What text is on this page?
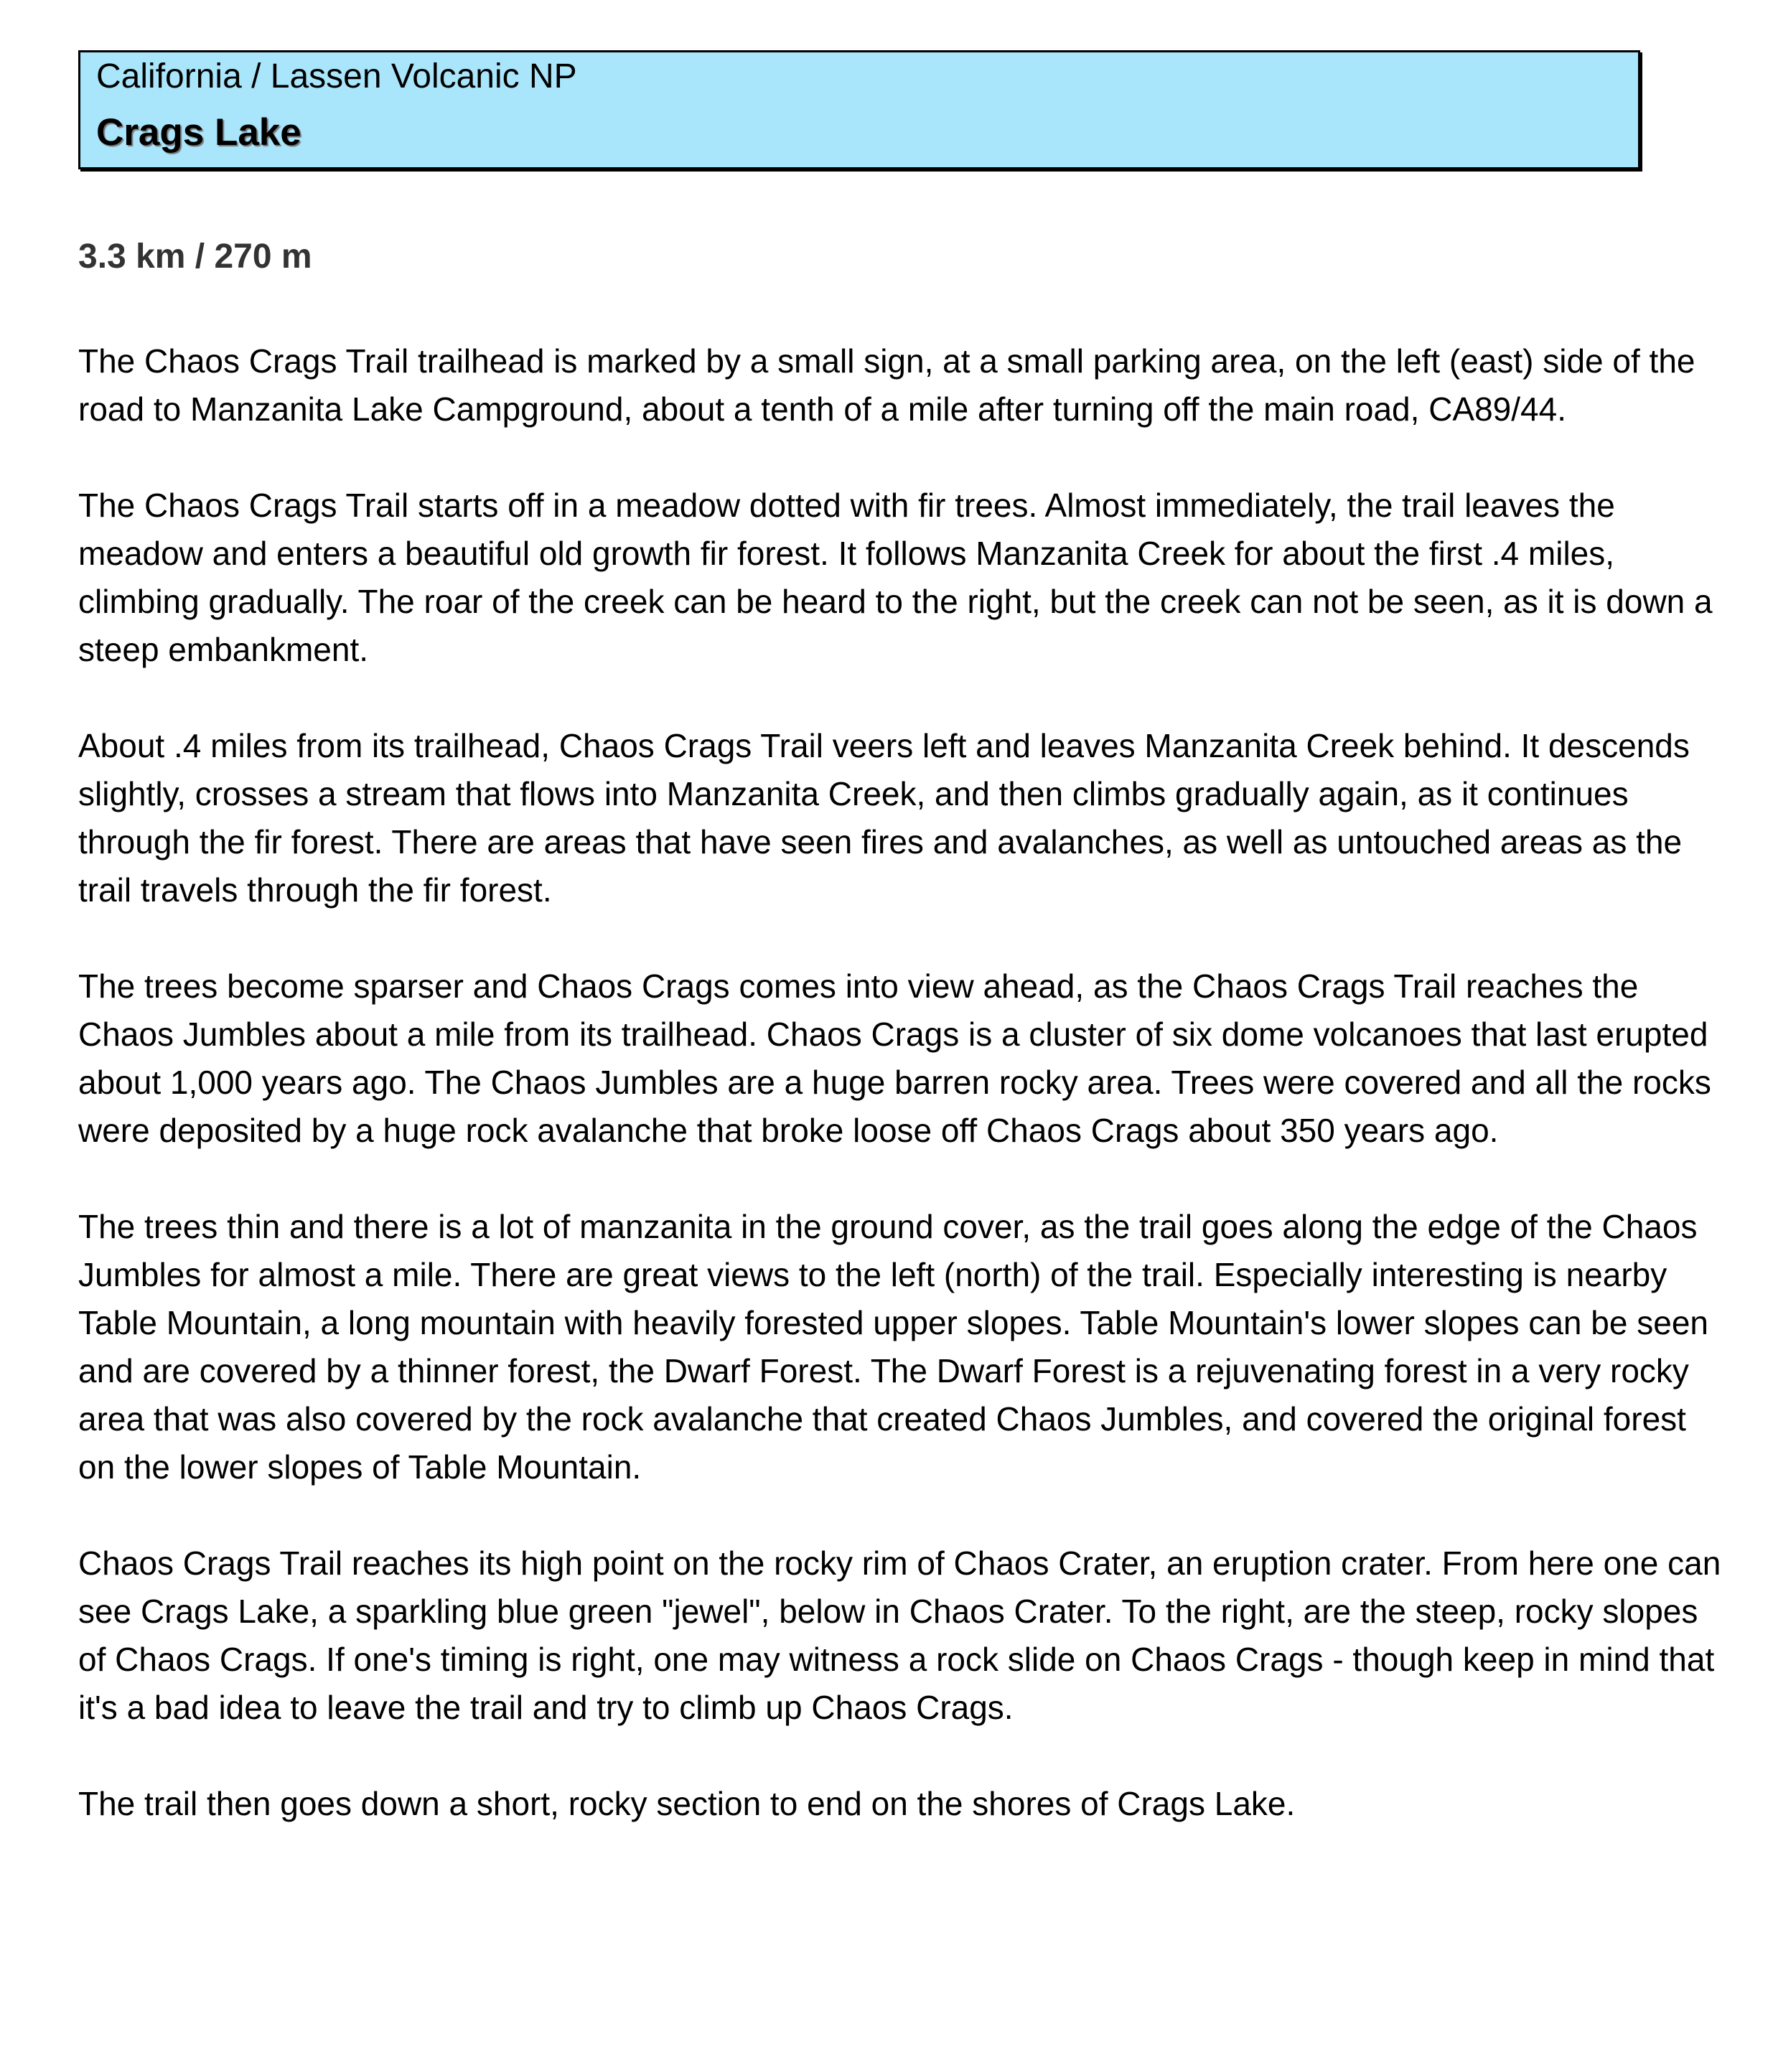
California / Lassen Volcanic NP
Crags Lake
3.3 km / 270 m

The Chaos Crags Trail trailhead is marked by a small sign, at a small parking area, on the left (east) side of the road to Manzanita Lake Campground, about a tenth of a mile after turning off the main road, CA89/44.

The Chaos Crags Trail starts off in a meadow dotted with fir trees. Almost immediately, the trail leaves the meadow and enters a beautiful old growth fir forest. It follows Manzanita Creek for about the first .4 miles, climbing gradually. The roar of the creek can be heard to the right, but the creek can not be seen, as it is down a steep embankment.

About .4 miles from its trailhead, Chaos Crags Trail veers left and leaves Manzanita Creek behind. It descends slightly, crosses a stream that flows into Manzanita Creek, and then climbs gradually again, as it continues through the fir forest. There are areas that have seen fires and avalanches, as well as untouched areas as the trail travels through the fir forest.

The trees become sparser and Chaos Crags comes into view ahead, as the Chaos Crags Trail reaches the Chaos Jumbles about a mile from its trailhead. Chaos Crags is a cluster of six dome volcanoes that last erupted about 1,000 years ago. The Chaos Jumbles are a huge barren rocky area. Trees were covered and all the rocks were deposited by a huge rock avalanche that broke loose off Chaos Crags about 350 years ago.

The trees thin and there is a lot of manzanita in the ground cover, as the trail goes along the edge of the Chaos Jumbles for almost a mile. There are great views to the left (north) of the trail. Especially interesting is nearby Table Mountain, a long mountain with heavily forested upper slopes. Table Mountain's lower slopes can be seen and are covered by a thinner forest, the Dwarf Forest. The Dwarf Forest is a rejuvenating forest in a very rocky area that was also covered by the rock avalanche that created Chaos Jumbles, and covered the original forest on the lower slopes of Table Mountain.

Chaos Crags Trail reaches its high point on the rocky rim of Chaos Crater, an eruption crater. From here one can see Crags Lake, a sparkling blue green "jewel", below in Chaos Crater. To the right, are the steep, rocky slopes of Chaos Crags. If one's timing is right, one may witness a rock slide on Chaos Crags - though keep in mind that it's a bad idea to leave the trail and try to climb up Chaos Crags.

The trail then goes down a short, rocky section to end on the shores of Crags Lake.
